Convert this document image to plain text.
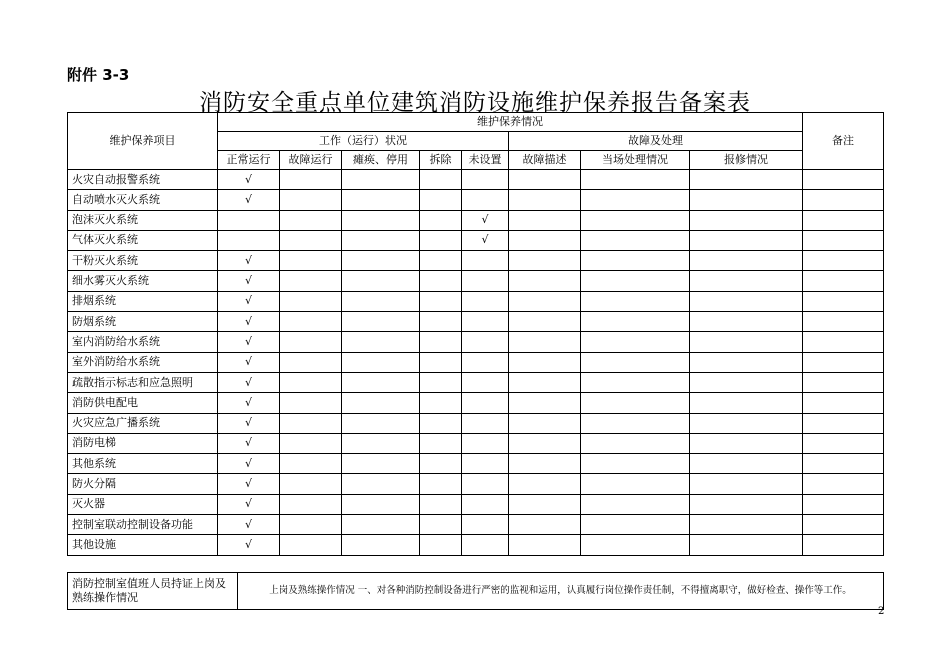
附件 3-3
消防安全重点单位建筑消防设施维护保养报告备案表
维护保养项目	维护保养情况								备注
	工作（运行）状况					故障及处理			
	正常运行	故障运行	瘫痪、停用	拆除	未设置	故障描述	当场处理情况	报修情况	
火灾自动报警系统	√								
自动喷水灭火系统	√								
泡沫灭火系统					√				
气体灭火系统					√				
干粉灭火系统	√								
细水雾灭火系统	√								
排烟系统	√								
防烟系统	√								
室内消防给水系统	√								
室外消防给水系统	√								
疏散指示标志和应急照明	√								
消防供电配电	√								
火灾应急广播系统	√								
消防电梯	√								
其他系统	√								
防火分隔	√								
灭火器	√								
控制室联动控制设备功能	√								
其他设施	√								
消防控制室值班人员持证上岗及熟练操作情况	上岗及熟练操作情况 一、对各种消防控制设备进行严密的监视和运用，认真履行岗位操作责任制，不得擅离职守，做好检查、操作等工作。
2
